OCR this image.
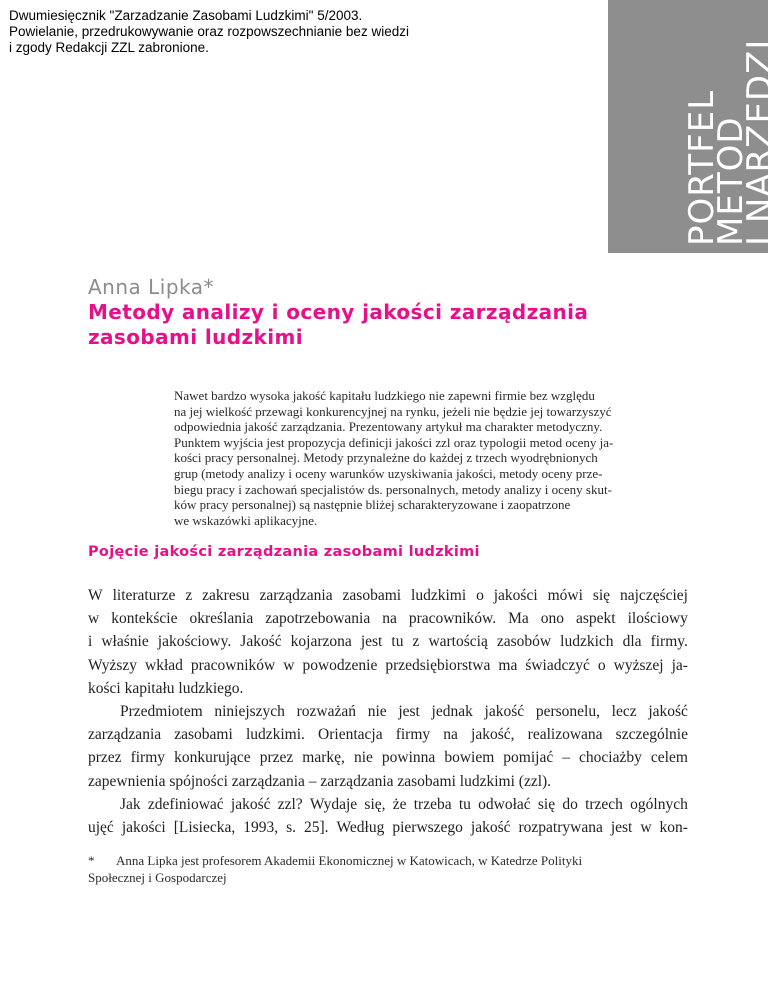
Dwumiesięcznik "Zarzadzanie Zasobami Ludzkimi" 5/2003.
Powielanie, przedrukowywanie oraz rozpowszechnianie bez wiedzi
i zgody Redakcji ZZL zabronione.
PORTFEL
METOD
I NARZĘDZI
Anna Lipka*
Metody analizy i oceny jakości zarządzania
zasobami ludzkimi
Nawet bardzo wysoka jakość kapitału ludzkiego nie zapewni firmie bez względu
na jej wielkość przewagi konkurencyjnej na rynku, jeżeli nie będzie jej towarzyszyć
odpowiednia jakość zarządzania. Prezentowany artykuł ma charakter metodyczny.
Punktem wyjścia jest propozycja definicji jakości zzl oraz typologii metod oceny ja-
kości pracy personalnej. Metody przynależne do każdej z trzech wyodrębnionych
grup (metody analizy i oceny warunków uzyskiwania jakości, metody oceny prze-
biegu pracy i zachowań specjalistów ds. personalnych, metody analizy i oceny skut-
ków pracy personalnej) są następnie bliżej scharakteryzowane i zaopatrzone
we wskazówki aplikacyjne.
Pojęcie jakości zarządzania zasobami ludzkimi
W literaturze z zakresu zarządzania zasobami ludzkimi o jakości mówi się najczęściej
w kontekście określania zapotrzebowania na pracowników. Ma ono aspekt ilościowy
i właśnie jakościowy. Jakość kojarzona jest tu z wartością zasobów ludzkich dla firmy.
Wyższy wkład pracowników w powodzenie przedsiębiorstwa ma świadczyć o wyższej ja-
kości kapitału ludzkiego.
Przedmiotem niniejszych rozważań nie jest jednak jakość personelu, lecz jakość
zarządzania zasobami ludzkimi. Orientacja firmy na jakość, realizowana szczególnie
przez firmy konkurujące przez markę, nie powinna bowiem pomijać – chociażby celem
zapewnienia spójności zarządzania – zarządzania zasobami ludzkimi (zzl).
Jak zdefiniować jakość zzl? Wydaje się, że trzeba tu odwołać się do trzech ogólnych
ujęć jakości [Lisiecka, 1993, s. 25]. Według pierwszego jakość rozpatrywana jest w kon-
* Anna Lipka jest profesorem Akademii Ekonomicznej w Katowicach, w Katedrze Polityki
Społecznej i Gospodarczej
